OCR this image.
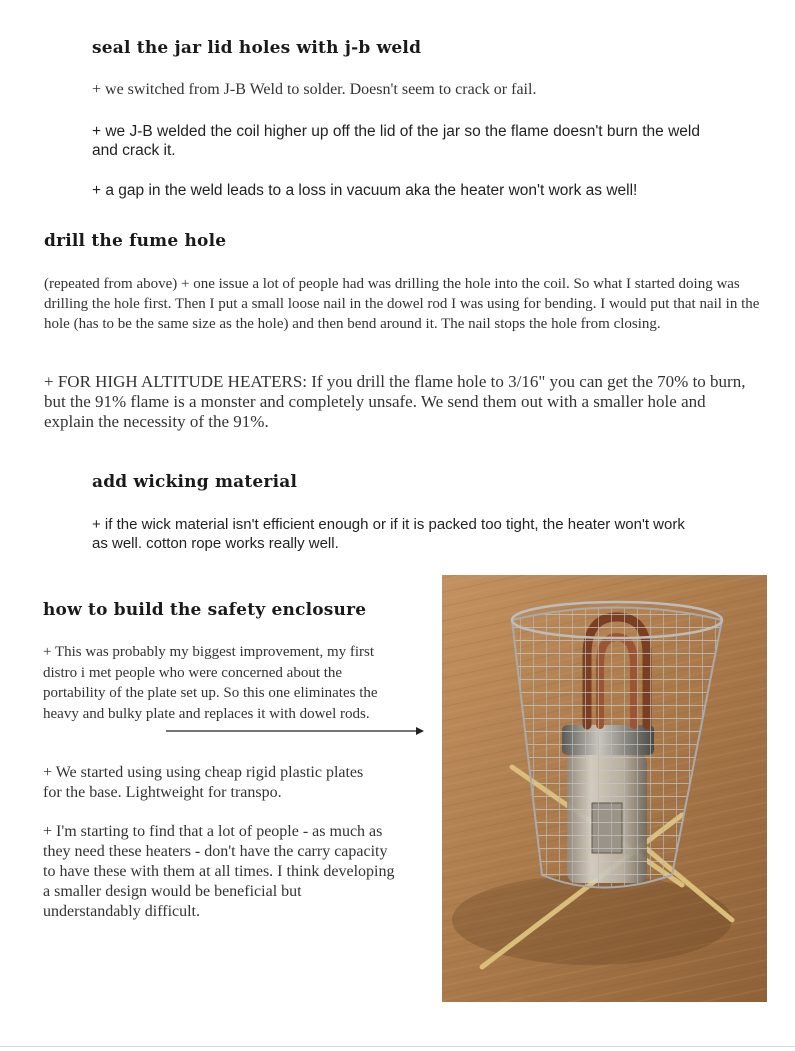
seal the jar lid holes with j-b weld

+ we switched from J-B Weld to solder. Doesn't seem to crack or fail.

+ we J-B welded the coil higher up off the lid of the jar so the flame doesn't burn the weld and crack it.

+ a gap in the weld leads to a loss in vacuum aka the heater won't work as well!

drill the fume hole

(repeated from above) + one issue a lot of people had was drilling the hole into the coil. So what I started doing was drilling the hole first. Then I put a small loose nail in the dowel rod I was using for bending. I would put that nail in the hole (has to be the same size as the hole) and then bend around it. The nail stops the hole from closing.

+ FOR HIGH ALTITUDE HEATERS: If you drill the flame hole to 3/16" you can get the 70% to burn, but the 91% flame is a monster and completely unsafe. We send them out with a smaller hole and explain the necessity of the 91%.

add wicking material

+ if the wick material isn't efficient enough or if it is packed too tight, the heater won't work as well. cotton rope works really well.

how to build the safety enclosure

+ This was probably my biggest improvement, my first distro i met people who were concerned about the portability of the plate set up. So this one eliminates the heavy and bulky plate and replaces it with dowel rods.

+ We started using using cheap rigid plastic plates for the base. Lightweight for transpo.

+ I'm starting to find that a lot of people - as much as they need these heaters - don't have the carry capacity to have these with them at all times. I think developing a smaller design would be beneficial but understandably difficult.
